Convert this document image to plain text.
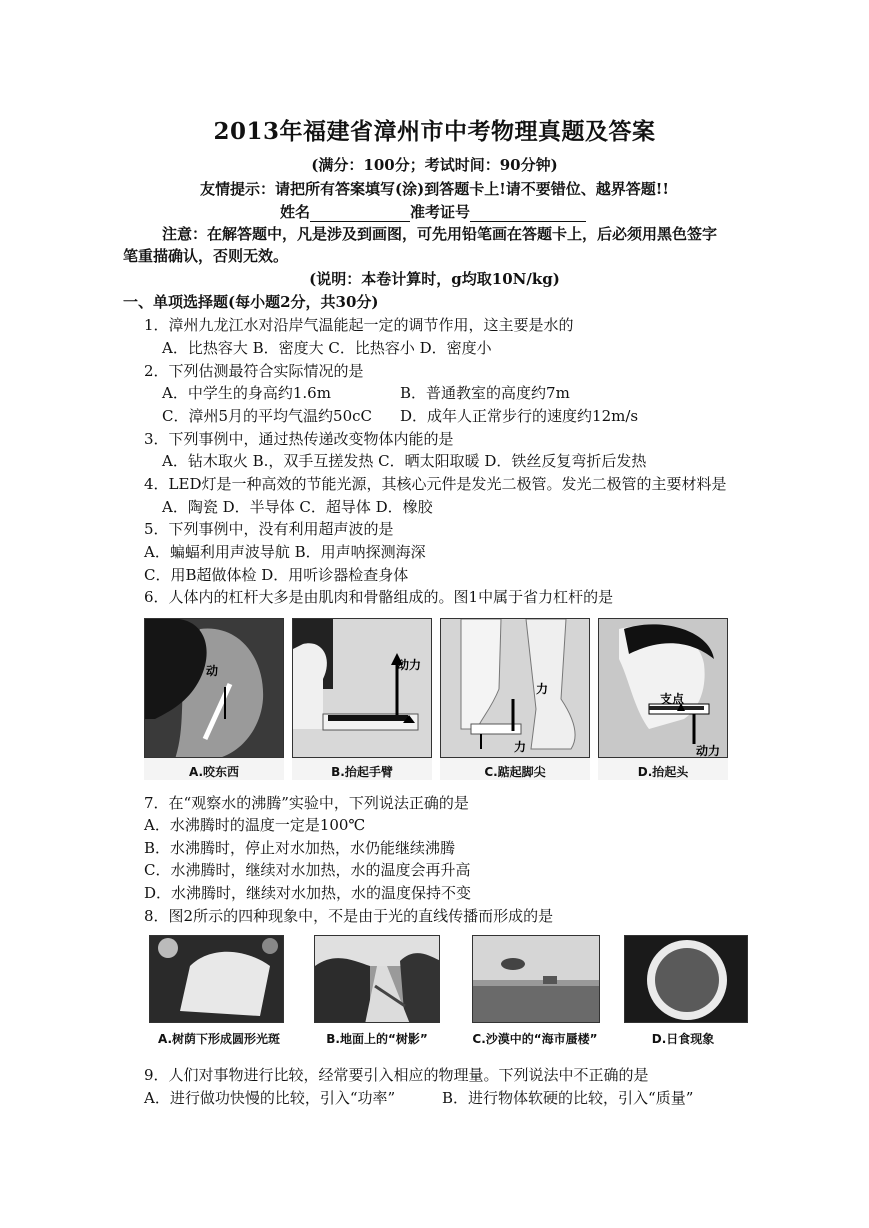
2013年福建省漳州市中考物理真题及答案
(满分：100分；考试时间：90分钟)
友情提示：请把所有答案填写(涂)到答题卡上!请不要错位、越界答题!!
姓名	准考证号
注意：在解答题中，凡是涉及到画图，可先用铅笔画在答题卡上，后必须用黑色签字
笔重描确认，否则无效。
(说明：本卷计算时，g均取10N/kg)
一、单项选择题(每小题2分，共30分)
1．漳州九龙江水对沿岸气温能起一定的调节作用，这主要是水的
A．比热容大 B．密度大 C．比热容小 D．密度小
2．下列估测最符合实际情况的是
A．中学生的身高约1.6m	B．普通教室的高度约7m
C．漳州5月的平均气温约50cC D．成年人正常步行的速度约12m/s
3．下列事例中，通过热传递改变物体内能的是
A．钻木取火 B.，双手互搓发热 C．晒太阳取暖 D．铁丝反复弯折后发热
4．LED灯是一种高效的节能光源，其核心元件是发光二极管。发光二极管的主要材料是
A．陶瓷 D．半导体 C．超导体 D．橡胶
5．下列事例中，没有利用超声波的是
A．蝙蝠利用声波导航 B．用声呐探测海深
C．用B超做体检 D．用听诊器检查身体
6．人体内的杠杆大多是由肌肉和骨骼组成的。图1中属于省力杠杆的是
动
A.咬东西
动力
B.抬起手臂
力
力
C.踮起脚尖
支点
动力
D.抬起头
7．在“观察水的沸腾”实验中，下列说法正确的是
A．水沸腾时的温度一定是100℃
B．水沸腾时，停止对水加热，水仍能继续沸腾
C．水沸腾时，继续对水加热，水的温度会再升高
D．水沸腾时，继续对水加热，水的温度保持不变
8．图2所示的四种现象中，不是由于光的直线传播而形成的是
A.树荫下形成圆形光斑	B.地面上的“树影”	C.沙漠中的“海市蜃楼”	D.日食现象
9．人们对事物进行比较，经常要引入相应的物理量。下列说法中不正确的是
A．进行做功快慢的比较，引入“功率”	B．进行物体软硬的比较，引入“质量”
